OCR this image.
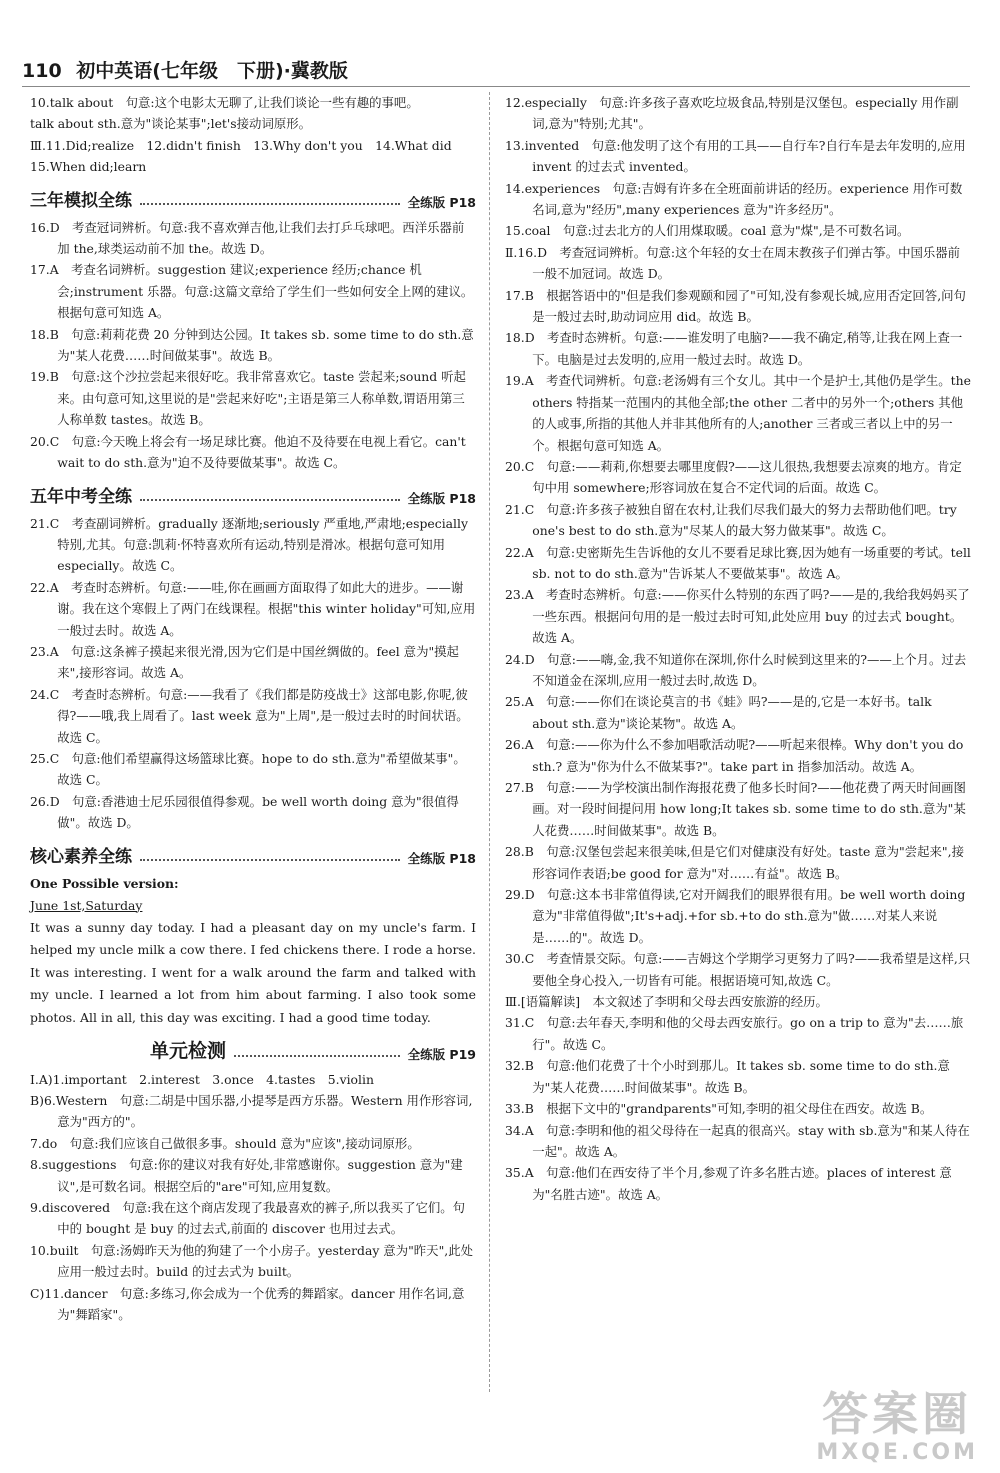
110 初中英语(七年级　下册)·冀教版
10.talk about　句意:这个电影太无聊了,让我们谈论一些有趣的事吧。
talk about sth.意为"谈论某事";let's接动词原形。
Ⅲ.11.Did;realize　12.didn't finish　13.Why don't you　14.What did
15.When did;learn
三年模拟全练	全练版 P18
16.D　考查冠词辨析。句意:我不喜欢弹吉他,让我们去打乒乓球吧。西洋乐器前加 the,球类运动前不加 the。故选 D。
17.A　考查名词辨析。suggestion 建议;experience 经历;chance 机会;instrument 乐器。句意:这篇文章给了学生们一些如何安全上网的建议。根据句意可知选 A。
18.B　句意:莉莉花费 20 分钟到达公园。It takes sb. some time to do sth.意为"某人花费……时间做某事"。故选 B。
19.B　句意:这个沙拉尝起来很好吃。我非常喜欢它。taste 尝起来;sound 听起来。由句意可知,这里说的是"尝起来好吃";主语是第三人称单数,谓语用第三人称单数 tastes。故选 B。
20.C　句意:今天晚上将会有一场足球比赛。他迫不及待要在电视上看它。can't wait to do sth.意为"迫不及待要做某事"。故选 C。
五年中考全练	全练版 P18
21.C　考查副词辨析。gradually 逐渐地;seriously 严重地,严肃地;especially 特别,尤其。句意:凯莉·怀特喜欢所有运动,特别是滑冰。根据句意可知用 especially。故选 C。
22.A　考查时态辨析。句意:——哇,你在画画方面取得了如此大的进步。——谢谢。我在这个寒假上了两门在线课程。根据"this winter holiday"可知,应用一般过去时。故选 A。
23.A　句意:这条裤子摸起来很光滑,因为它们是中国丝绸做的。feel 意为"摸起来",接形容词。故选 A。
24.C　考查时态辨析。句意:——我看了《我们都是防疫战士》这部电影,你呢,彼得?——哦,我上周看了。last week 意为"上周",是一般过去时的时间状语。故选 C。
25.C　句意:他们希望赢得这场篮球比赛。hope to do sth.意为"希望做某事"。故选 C。
26.D　句意:香港迪士尼乐园很值得参观。be well worth doing 意为"很值得做"。故选 D。
核心素养全练	全练版 P18
One Possible version:
June 1st,Saturday
It was a sunny day today. I had a pleasant day on my uncle's farm. I helped my uncle milk a cow there. I fed chickens there. I rode a horse. It was interesting. I went for a walk around the farm and talked with my uncle. I learned a lot from him about farming. I also took some photos. All in all, this day was exciting. I had a good time today.
单元检测	全练版 P19
Ⅰ.A)1.important　2.interest　3.once　4.tastes　5.violin
B)6.Western　句意:二胡是中国乐器,小提琴是西方乐器。Western 用作形容词,意为"西方的"。
7.do　句意:我们应该自己做很多事。should 意为"应该",接动词原形。
8.suggestions　句意:你的建议对我有好处,非常感谢你。suggestion 意为"建议",是可数名词。根据空后的"are"可知,应用复数。
9.discovered　句意:我在这个商店发现了我最喜欢的裤子,所以我买了它们。句中的 bought 是 buy 的过去式,前面的 discover 也用过去式。
10.built　句意:汤姆昨天为他的狗建了一个小房子。yesterday 意为"昨天",此处应用一般过去时。build 的过去式为 built。
C)11.dancer　句意:多练习,你会成为一个优秀的舞蹈家。dancer 用作名词,意为"舞蹈家"。
12.especially　句意:许多孩子喜欢吃垃圾食品,特别是汉堡包。especially 用作副词,意为"特别;尤其"。
13.invented　句意:他发明了这个有用的工具——自行车?自行车是去年发明的,应用 invent 的过去式 invented。
14.experiences　句意:吉姆有许多在全班面前讲话的经历。experience 用作可数名词,意为"经历",many experiences 意为"许多经历"。
15.coal　句意:过去北方的人们用煤取暖。coal 意为"煤",是不可数名词。
Ⅱ.16.D　考查冠词辨析。句意:这个年轻的女士在周末教孩子们弹古筝。中国乐器前一般不加冠词。故选 D。
17.B　根据答语中的"但是我们参观颐和园了"可知,没有参观长城,应用否定回答,问句是一般过去时,助动词应用 did。故选 B。
18.D　考查时态辨析。句意:——谁发明了电脑?——我不确定,稍等,让我在网上查一下。电脑是过去发明的,应用一般过去时。故选 D。
19.A　考查代词辨析。句意:老汤姆有三个女儿。其中一个是护士,其他仍是学生。the others 特指某一范围内的其他全部;the other 二者中的另外一个;others 其他的人或事,所指的其他人并非其他所有的人;another 三者或三者以上中的另一个。根据句意可知选 A。
20.C　句意:——莉莉,你想要去哪里度假?——这儿很热,我想要去凉爽的地方。肯定句中用 somewhere;形容词放在复合不定代词的后面。故选 C。
21.C　句意:许多孩子被独自留在农村,让我们尽我们最大的努力去帮助他们吧。try one's best to do sth.意为"尽某人的最大努力做某事"。故选 C。
22.A　句意:史密斯先生告诉他的女儿不要看足球比赛,因为她有一场重要的考试。tell sb. not to do sth.意为"告诉某人不要做某事"。故选 A。
23.A　考查时态辨析。句意:——你买什么特别的东西了吗?——是的,我给我妈妈买了一些东西。根据问句用的是一般过去时可知,此处应用 buy 的过去式 bought。故选 A。
24.D　句意:——嗨,金,我不知道你在深圳,你什么时候到这里来的?——上个月。过去不知道金在深圳,应用一般过去时,故选 D。
25.A　句意:——你们在谈论莫言的书《蛙》吗?——是的,它是一本好书。talk about sth.意为"谈论某物"。故选 A。
26.A　句意:——你为什么不参加唱歌活动呢?——听起来很棒。Why don't you do sth.? 意为"你为什么不做某事?"。take part in 指参加活动。故选 A。
27.B　句意:——为学校演出制作海报花费了他多长时间?——他花费了两天时间画图画。对一段时间提问用 how long;It takes sb. some time to do sth.意为"某人花费……时间做某事"。故选 B。
28.B　句意:汉堡包尝起来很美味,但是它们对健康没有好处。taste 意为"尝起来",接形容词作表语;be good for 意为"对……有益"。故选 B。
29.D　句意:这本书非常值得读,它对开阔我们的眼界很有用。be well worth doing 意为"非常值得做";It's+adj.+for sb.+to do sth.意为"做……对某人来说是……的"。故选 D。
30.C　考查情景交际。句意:——吉姆这个学期学习更努力了吗?——我希望是这样,只要他全身心投入,一切皆有可能。根据语境可知,故选 C。
Ⅲ.[语篇解读]　本文叙述了李明和父母去西安旅游的经历。
31.C　句意:去年春天,李明和他的父母去西安旅行。go on a trip to 意为"去……旅行"。故选 C。
32.B　句意:他们花费了十个小时到那儿。It takes sb. some time to do sth.意为"某人花费……时间做某事"。故选 B。
33.B　根据下文中的"grandparents"可知,李明的祖父母住在西安。故选 B。
34.A　句意:李明和他的祖父母待在一起真的很高兴。stay with sb.意为"和某人待在一起"。故选 A。
35.A　句意:他们在西安待了半个月,参观了许多名胜古迹。places of interest 意为"名胜古迹"。故选 A。
答案圈
MXQE.COM
